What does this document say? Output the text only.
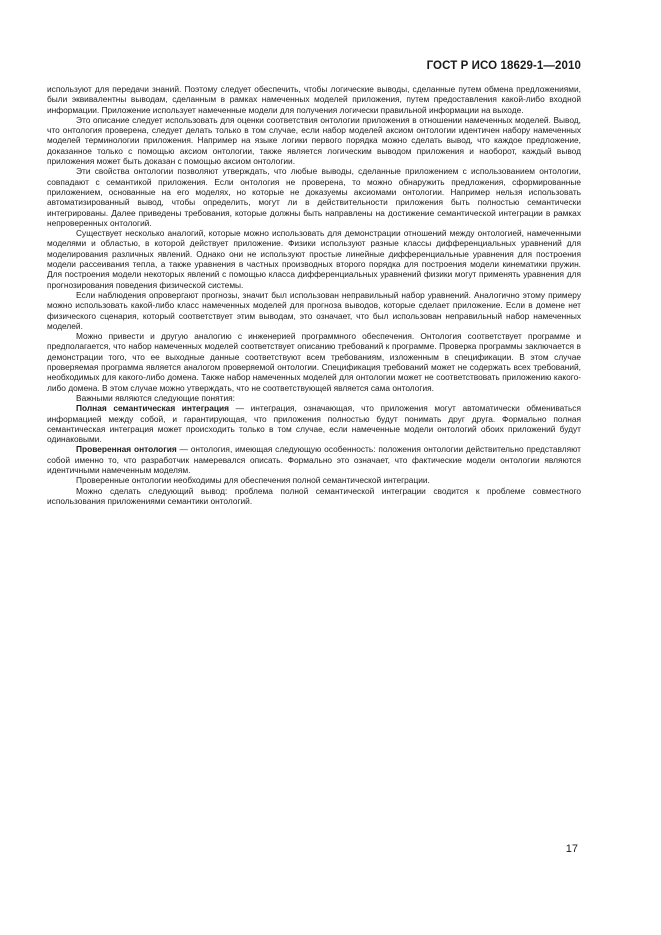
ГОСТ Р ИСО 18629-1—2010

используют для передачи знаний. Поэтому следует обеспечить, чтобы логические выводы, сделанные путем обмена предложениями, были эквивалентны выводам, сделанным в рамках намеченных моделей приложения, путем предоставления какой-либо входной информации. Приложение использует намеченные модели для получения логически правильной информации на выходе.

Это описание следует использовать для оценки соответствия онтологии приложения в отношении намеченных моделей. Вывод, что онтология проверена, следует делать только в том случае, если набор моделей аксиом онтологии идентичен набору намеченных моделей терминологии приложения. Например на языке логики первого порядка можно сделать вывод, что каждое предложение, доказанное только с помощью аксиом онтологии, также является логическим выводом приложения и наоборот, каждый вывод приложения может быть доказан с помощью аксиом онтологии.

Эти свойства онтологии позволяют утверждать, что любые выводы, сделанные приложением с использованием онтологии, совпадают с семантикой приложения. Если онтология не проверена, то можно обнаружить предложения, сформированные приложением, основанные на его моделях, но которые не доказуемы аксиомами онтологии. Например нельзя использовать автоматизированный вывод, чтобы определить, могут ли в действительности приложения быть полностью семантически интегрированы. Далее приведены требования, которые должны быть направлены на достижение семантической интеграции в рамках непроверенных онтологий.

Существует несколько аналогий, которые можно использовать для демонстрации отношений между онтологией, намеченными моделями и областью, в которой действует приложение. Физики используют разные классы дифференциальных уравнений для моделирования различных явлений. Однако они не используют простые линейные дифференциальные уравнения для построения модели рассеивания тепла, а также уравнения в частных производных второго порядка для построения модели кинематики пружин. Для построения модели некоторых явлений с помощью класса дифференциальных уравнений физики могут применять уравнения для прогнозирования поведения физической системы.

Если наблюдения опровергают прогнозы, значит был использован неправильный набор уравнений. Аналогично этому примеру можно использовать какой-либо класс намеченных моделей для прогноза выводов, которые сделает приложение. Если в домене нет физического сценария, который соответствует этим выводам, это означает, что был использован неправильный набор намеченных моделей.

Можно привести и другую аналогию с инженерией программного обеспечения. Онтология соответствует программе и предполагается, что набор намеченных моделей соответствует описанию требований к программе. Проверка программы заключается в демонстрации того, что ее выходные данные соответствуют всем требованиям, изложенным в спецификации. В этом случае проверяемая программа является аналогом проверяемой онтологии. Спецификация требований может не содержать всех требований, необходимых для какого-либо домена. Также набор намеченных моделей для онтологии может не соответствовать приложению какого-либо домена. В этом случае можно утверждать, что не соответствующей является сама онтология.

Важными являются следующие понятия:

Полная семантическая интеграция — интеграция, означающая, что приложения могут автоматически обмениваться информацией между собой, и гарантирующая, что приложения полностью будут понимать друг друга. Формально полная семантическая интеграция может происходить только в том случае, если намеченные модели онтологий обоих приложений будут одинаковыми.

Проверенная онтология — онтология, имеющая следующую особенность: положения онтологии действительно представляют собой именно то, что разработчик намеревался описать. Формально это означает, что фактические модели онтологии являются идентичными намеченным моделям.

Проверенные онтологии необходимы для обеспечения полной семантической интеграции.

Можно сделать следующий вывод: проблема полной семантической интеграции сводится к проблеме совместного использования приложениями семантики онтологий.

17
